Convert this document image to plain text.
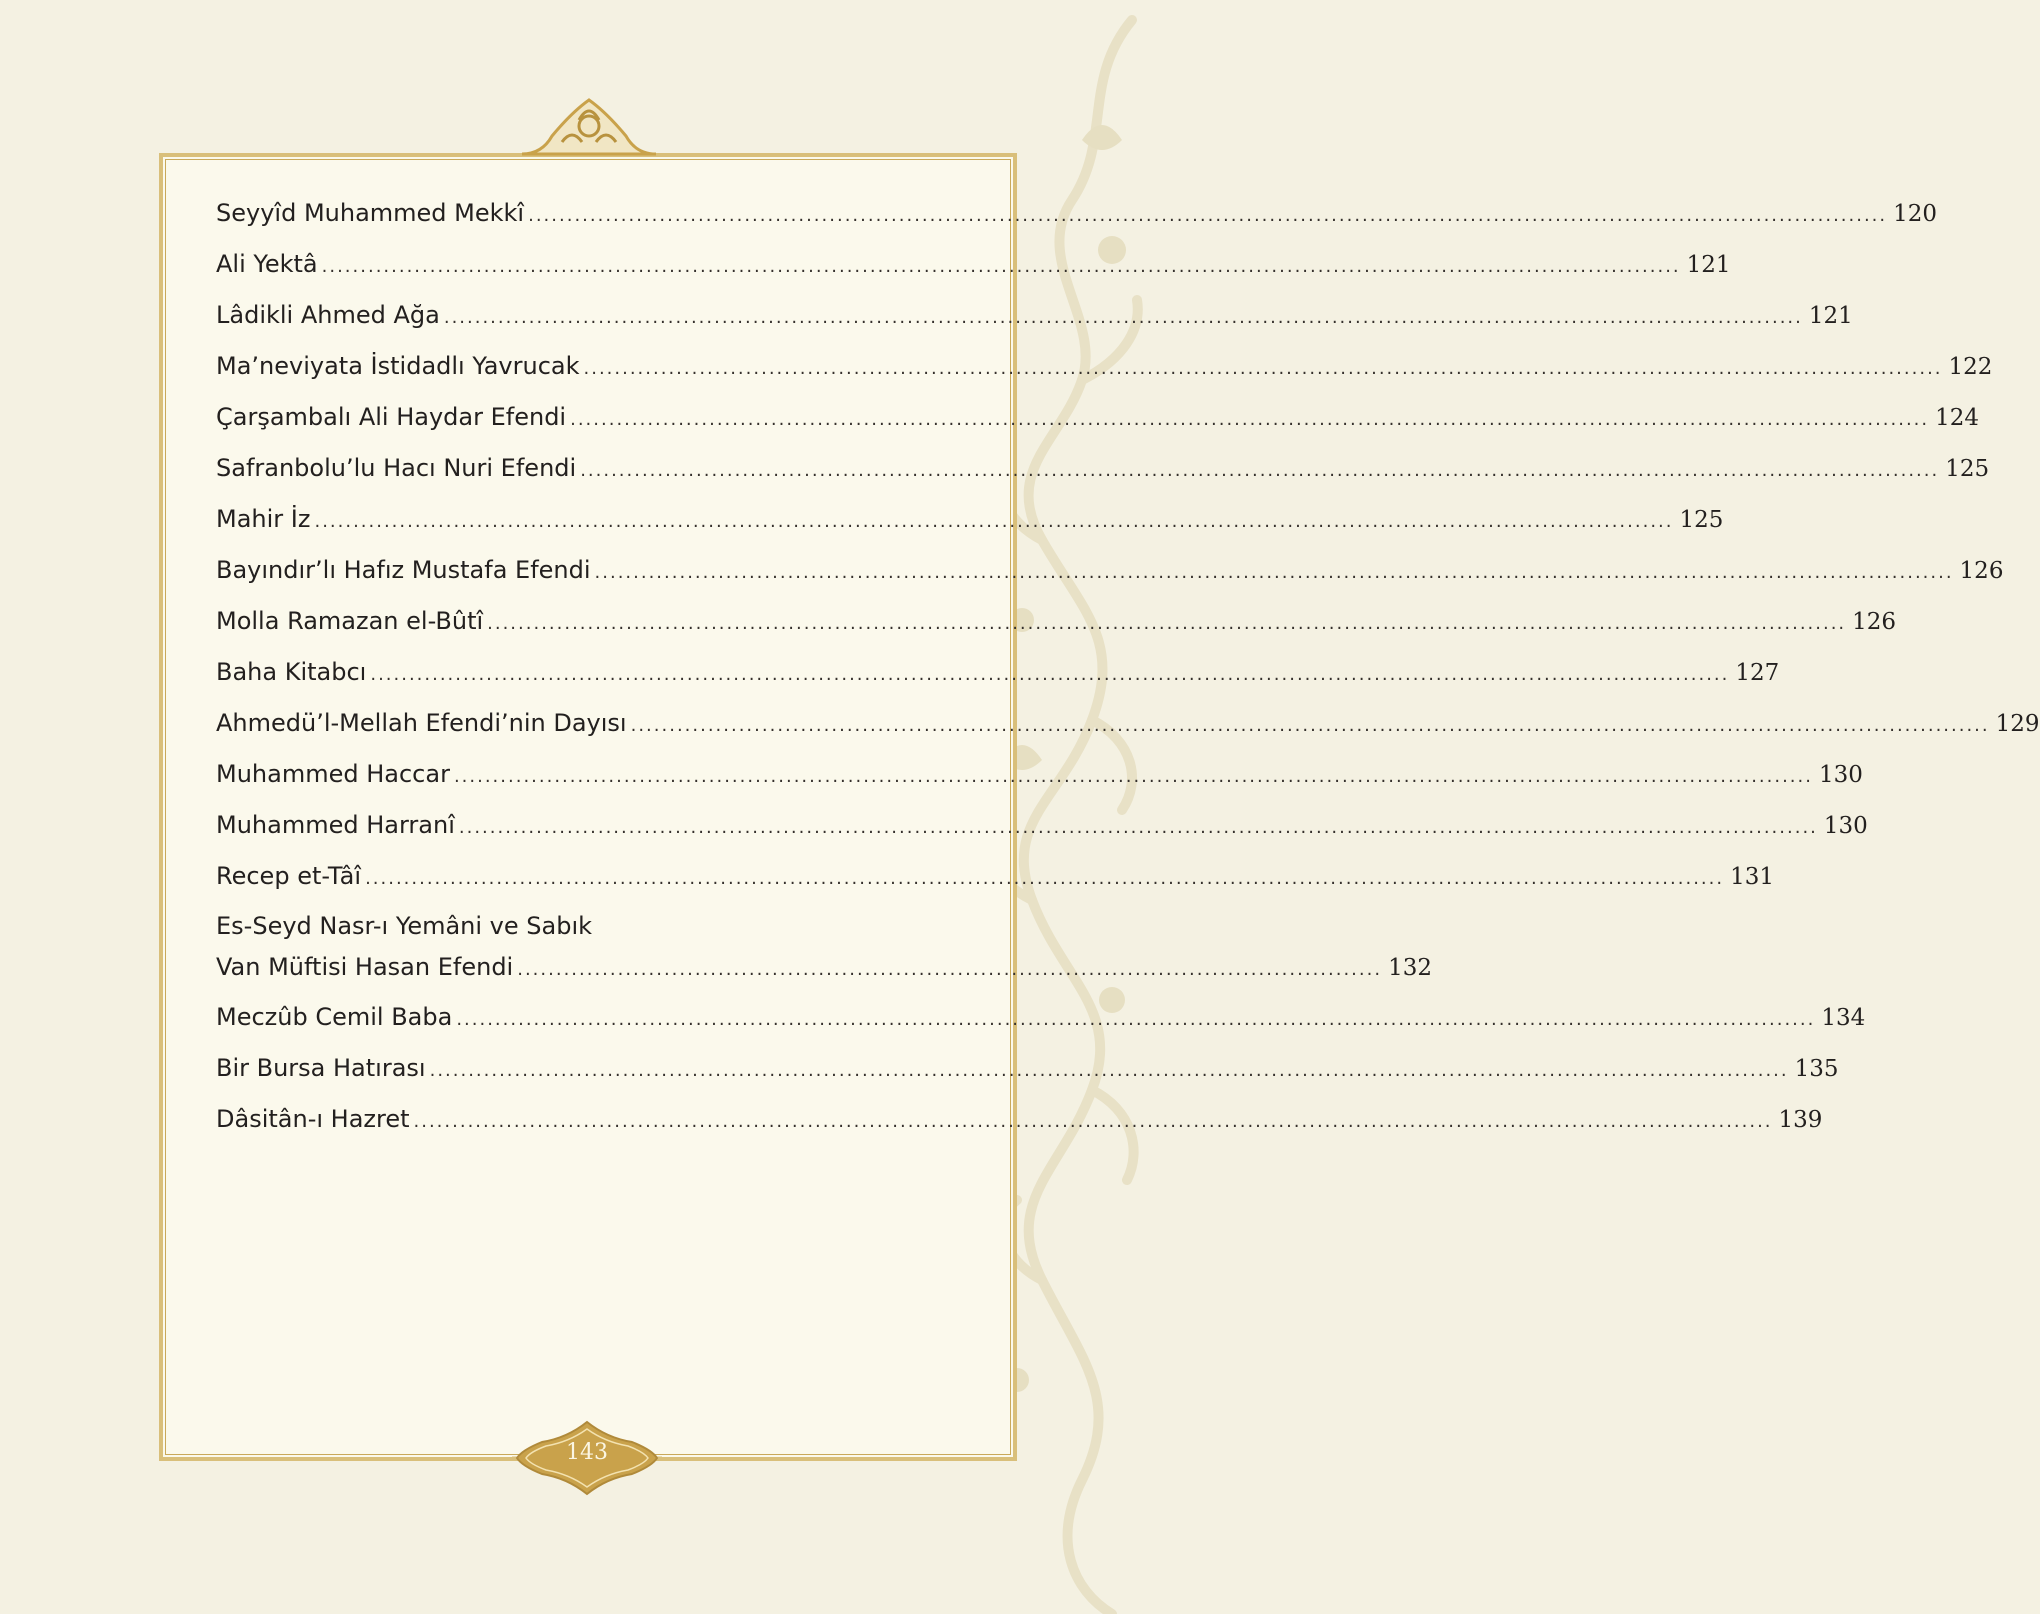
Seyyîd Muhammed Mekkî .....	120
Ali Yektâ .....	121
Lâdikli Ahmed Ağa .....	121
Ma’neviyata İstidadlı Yavrucak .....	122
Çarşambalı Ali Haydar Efendi .....	124
Safranbolu’lu Hacı Nuri Efendi .....	125
Mahir İz .....	125
Bayındır’lı Hafız Mustafa Efendi .....	126
Molla Ramazan el-Bûtî .....	126
Baha Kitabcı .....	127
Ahmedü’l-Mellah Efendi’nin Dayısı .....	129
Muhammed Haccar .....	130
Muhammed Harranî .....	130
Recep et-Tâî .....	131
Es-Seyd Nasr-ı Yemâni ve Sabık
Van Müftisi Hasan Efendi ................................................................................................................ 132
Meczûb Cemil Baba .....	134
Bir Bursa Hatırası .....	135
Dâsitân-ı Hazret .....	139
143
